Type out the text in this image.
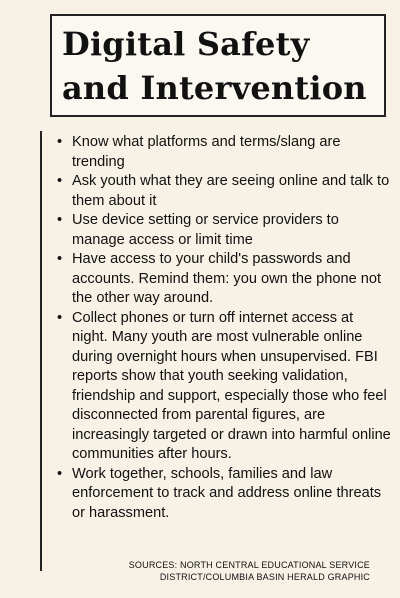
Digital Safety
and Intervention
• Know what platforms and terms/slang are trending
• Ask youth what they are seeing online and talk to them about it
• Use device setting or service providers to manage access or limit time
• Have access to your child's passwords and accounts. Remind them: you own the phone not the other way around.
• Collect phones or turn off internet access at night. Many youth are most vulnerable online during overnight hours when unsupervised. FBI reports show that youth seeking validation, friendship and support, especially those who feel disconnected from parental figures, are increasingly targeted or drawn into harmful online communities after hours.
• Work together, schools, families and law enforcement to track and address online threats or harassment.
SOURCES: NORTH CENTRAL EDUCATIONAL SERVICE
DISTRICT/COLUMBIA BASIN HERALD GRAPHIC
